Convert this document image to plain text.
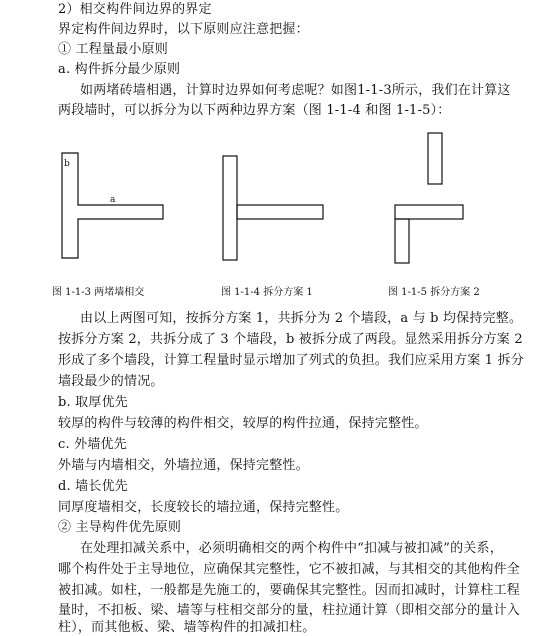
2）相交构件间边界的界定
界定构件间边界时，以下原则应注意把握：
① 工程量最小原则
a. 构件拆分最少原则
如两堵砖墙相遇，计算时边界如何考虑呢？如图1-1-3所示，我们在计算这
两段墙时，可以拆分为以下两种边界方案（图 1-1-4 和图 1-1-5）：
b
a
图 1-1-3 两堵墙相交	图 1-1-4 拆分方案 1	图 1-1-5 拆分方案 2
由以上两图可知，按拆分方案 1，共拆分为 2 个墙段，a 与 b 均保持完整。
按拆分方案 2，共拆分成了 3 个墙段，b 被拆分成了两段。显然采用拆分方案 2
形成了多个墙段，计算工程量时显示增加了列式的负担。我们应采用方案 1 拆分
墙段最少的情况。
b. 取厚优先
较厚的构件与较薄的构件相交，较厚的构件拉通，保持完整性。
c. 外墙优先
外墙与内墙相交，外墙拉通，保持完整性。
d. 墙长优先
同厚度墙相交，长度较长的墙拉通，保持完整性。
② 主导构件优先原则
在处理扣减关系中，必须明确相交的两个构件中“扣减与被扣减”的关系，
哪个构件处于主导地位，应确保其完整性，它不被扣减，与其相交的其他构件全
被扣减。如柱，一般都是先施工的，要确保其完整性。因而扣减时，计算柱工程
量时，不扣板、梁、墙等与柱相交部分的量，柱拉通计算（即相交部分的量计入
柱），而其他板、梁、墙等构件的扣减扣柱。
